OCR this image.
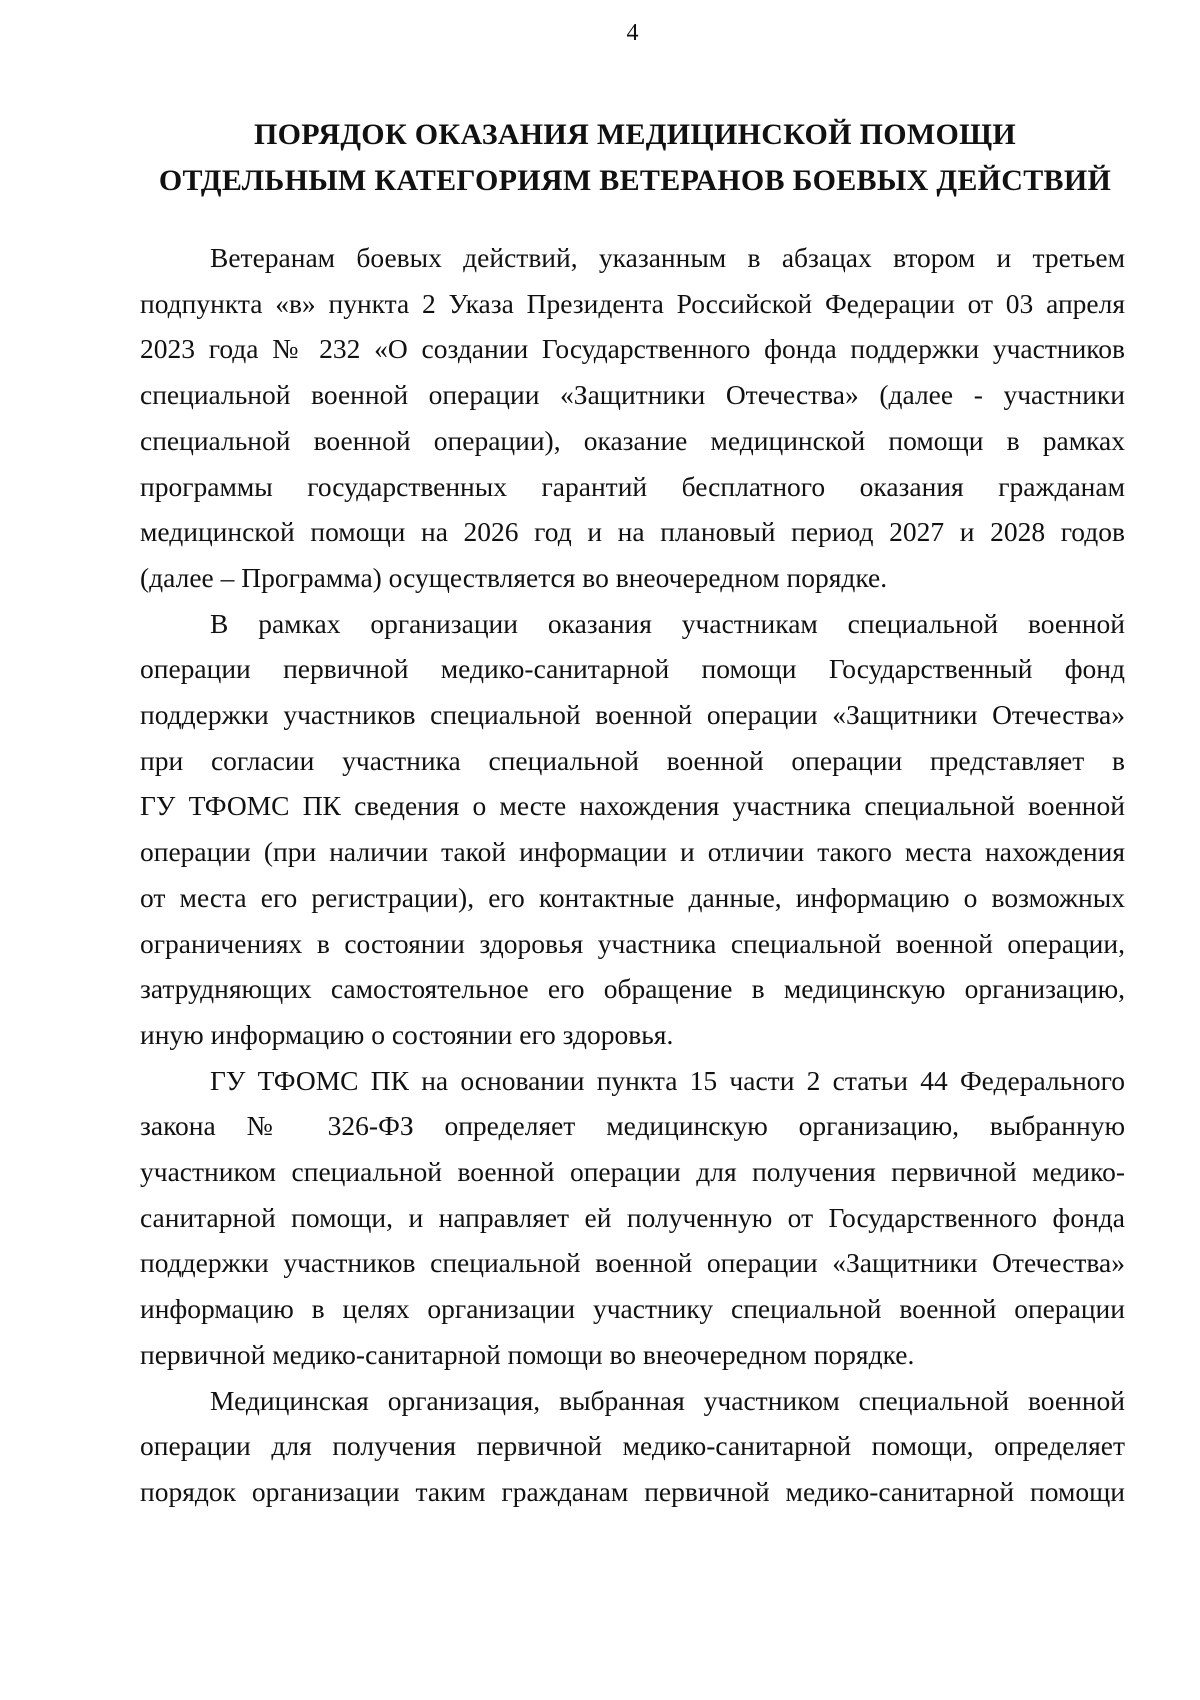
4
ПОРЯДОК ОКАЗАНИЯ МЕДИЦИНСКОЙ ПОМОЩИ
ОТДЕЛЬНЫМ КАТЕГОРИЯМ ВЕТЕРАНОВ БОЕВЫХ ДЕЙСТВИЙ

Ветеранам боевых действий, указанным в абзацах втором и третьем
подпункта «в» пункта 2 Указа Президента Российской Федерации от 03 апреля
2023 года № 232 «О создании Государственного фонда поддержки участников
специальной военной операции «Защитники Отечества» (далее - участники
специальной военной операции), оказание медицинской помощи в рамках
программы государственных гарантий бесплатного оказания гражданам
медицинской помощи на 2026 год и на плановый период 2027 и 2028 годов
(далее – Программа) осуществляется во внеочередном порядке.

В рамках организации оказания участникам специальной военной
операции первичной медико-санитарной помощи Государственный фонд
поддержки участников специальной военной операции «Защитники Отечества»
при согласии участника специальной военной операции представляет в
ГУ ТФОМС ПК сведения о месте нахождения участника специальной военной
операции (при наличии такой информации и отличии такого места нахождения
от места его регистрации), его контактные данные, информацию о возможных
ограничениях в состоянии здоровья участника специальной военной операции,
затрудняющих самостоятельное его обращение в медицинскую организацию,
иную информацию о состоянии его здоровья.

ГУ ТФОМС ПК на основании пункта 15 части 2 статьи 44 Федерального
закона № 326-ФЗ определяет медицинскую организацию, выбранную
участником специальной военной операции для получения первичной медико-
санитарной помощи, и направляет ей полученную от Государственного фонда
поддержки участников специальной военной операции «Защитники Отечества»
информацию в целях организации участнику специальной военной операции
первичной медико-санитарной помощи во внеочередном порядке.

Медицинская организация, выбранная участником специальной военной
операции для получения первичной медико-санитарной помощи, определяет
порядок организации таким гражданам первичной медико-санитарной помощи
